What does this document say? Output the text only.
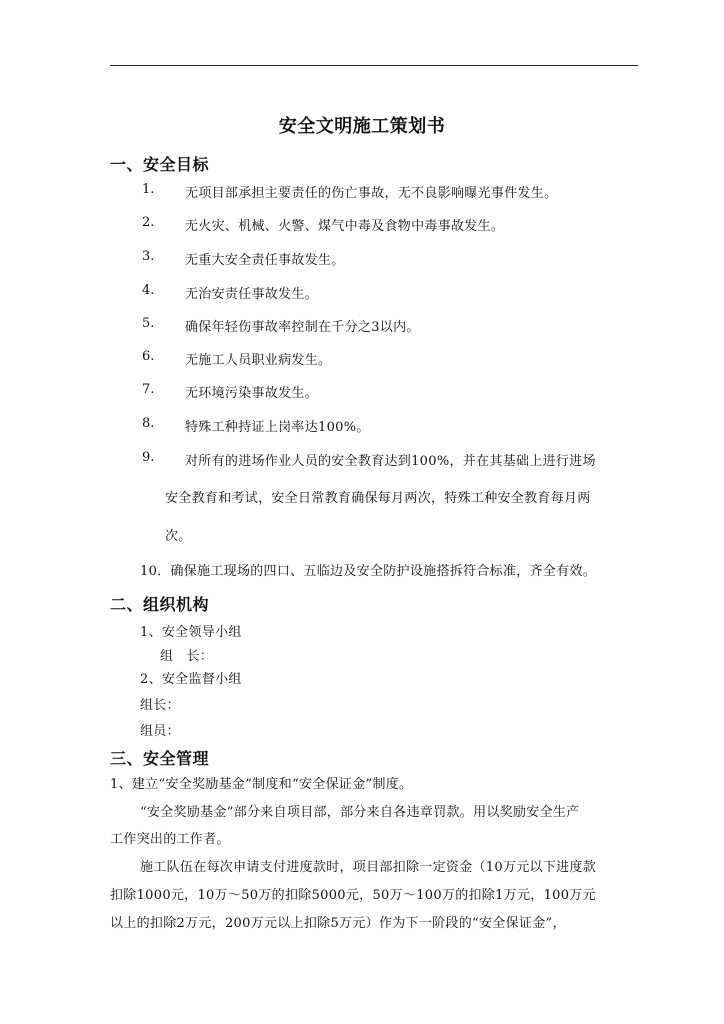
安全文明施工策划书
一、安全目标
1. 无项目部承担主要责任的伤亡事故，无不良影响曝光事件发生。
2. 无火灾、机械、火警、煤气中毒及食物中毒事故发生。
3. 无重大安全责任事故发生。
4. 无治安责任事故发生。
5. 确保年轻伤事故率控制在千分之3以内。
6. 无施工人员职业病发生。
7. 无环境污染事故发生。
8. 特殊工种持证上岗率达100%。
9. 对所有的进场作业人员的安全教育达到100%，并在其基础上进行进场
安全教育和考试，安全日常教育确保每月两次，特殊工种安全教育每月两
次。
10．确保施工现场的四口、五临边及安全防护设施搭拆符合标准，齐全有效。
二、组织机构
1、安全领导小组
组　长：
2、安全监督小组
组长：
组员：
三、安全管理
1、建立“安全奖励基金”制度和“安全保证金”制度。
“安全奖励基金”部分来自项目部，部分来自各违章罚款。用以奖励安全生产
工作突出的工作者。
施工队伍在每次申请支付进度款时，项目部扣除一定资金（10万元以下进度款
扣除1000元，10万～50万的扣除5000元，50万～100万的扣除1万元，100万元
以上的扣除2万元，200万元以上扣除5万元）作为下一阶段的“安全保证金”，
